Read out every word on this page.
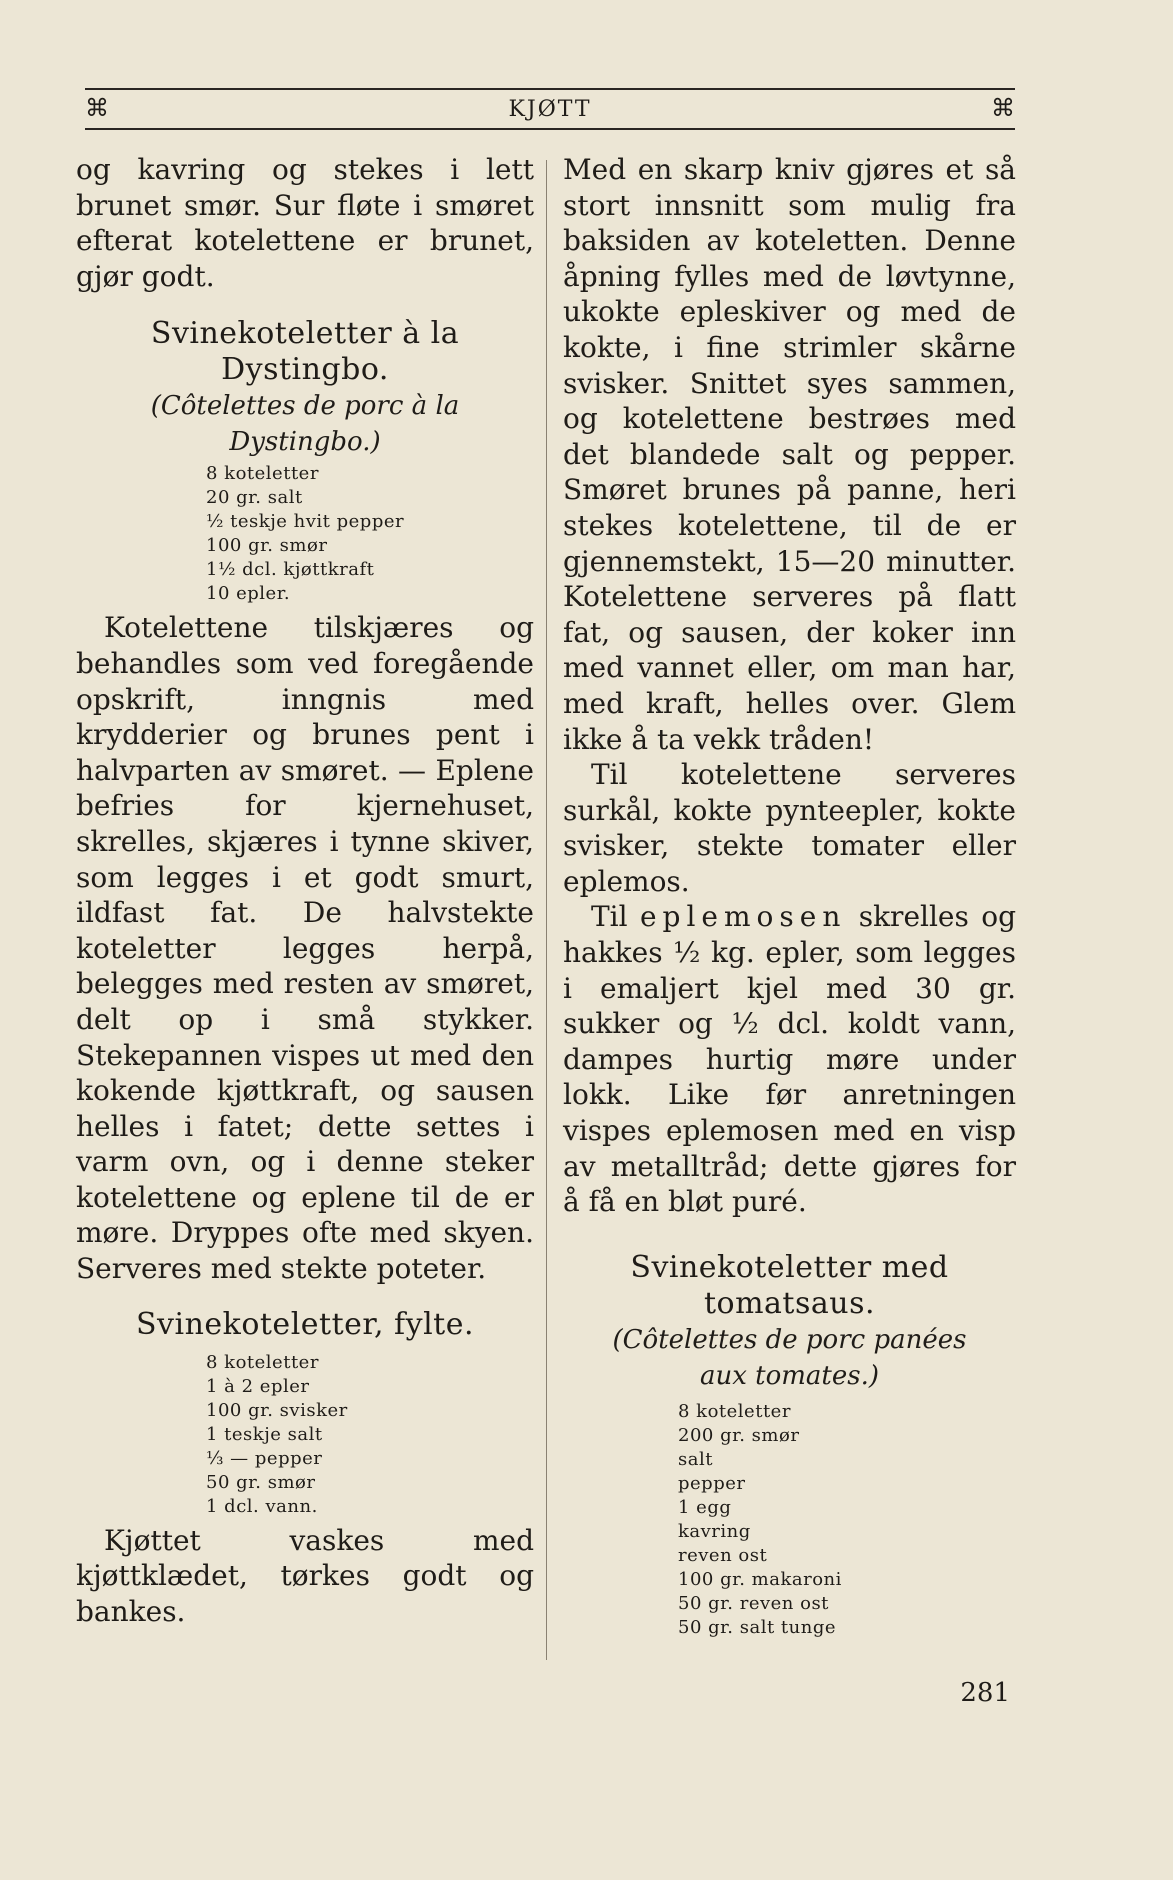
⌘	KJØTT	⌘

og kavring og stekes i lett brunet smør. Sur fløte i smøret efterat kotelettene er brunet, gjør godt.

Svinekoteletter à la
Dystingbo.

(Côtelettes de porc à la
Dystingbo.)

8 koteletter
20 gr. salt
½ teskje hvit pepper
100 gr. smør
1½ dcl. kjøttkraft
10 epler.

Kotelettene tilskjæres og behandles som ved foregående opskrift, inngnis med krydderier og brunes pent i halvparten av smøret. — Eplene befries for kjernehuset, skrelles, skjæres i tynne skiver, som legges i et godt smurt, ildfast fat. De halvstekte koteletter legges herpå, belegges med resten av smøret, delt op i små stykker. Stekepannen vispes ut med den kokende kjøttkraft, og sausen helles i fatet; dette settes i varm ovn, og i denne steker kotelettene og eplene til de er møre. Dryppes ofte med skyen. Serveres med stekte poteter.

Svinekoteletter, fylte.
8 koteletter
1 à 2 epler
100 gr. svisker
1 teskje salt
⅓ — pepper
50 gr. smør
1 dcl. vann.

Kjøttet vaskes med kjøttklædet, tørkes godt og bankes.

Med en skarp kniv gjøres et så stort innsnitt som mulig fra baksiden av koteletten. Denne åpning fylles med de løvtynne, ukokte epleskiver og med de kokte, i fine strimler skårne svisker. Snittet syes sammen, og kotelettene bestrøes med det blandede salt og pepper. Smøret brunes på panne, heri stekes kotelettene, til de er gjennemstekt, 15—20 minutter. Kotelettene serveres på flatt fat, og sausen, der koker inn med vannet eller, om man har, med kraft, helles over. Glem ikke å ta vekk tråden!

Til kotelettene serveres surkål, kokte pynteepler, kokte svisker, stekte tomater eller eplemos.

Til eplemosen skrelles og hakkes ½ kg. epler, som legges i emaljert kjel med 30 gr. sukker og ½ dcl. koldt vann, dampes hurtig møre under lokk. Like før anretningen vispes eplemosen med en visp av metalltråd; dette gjøres for å få en bløt puré.

Svinekoteletter med
tomatsaus.

(Côtelettes de porc panées
aux tomates.)

8 koteletter
200 gr. smør
salt
pepper
1 egg
kavring
reven ost
100 gr. makaroni
50 gr. reven ost
50 gr. salt tunge
281
